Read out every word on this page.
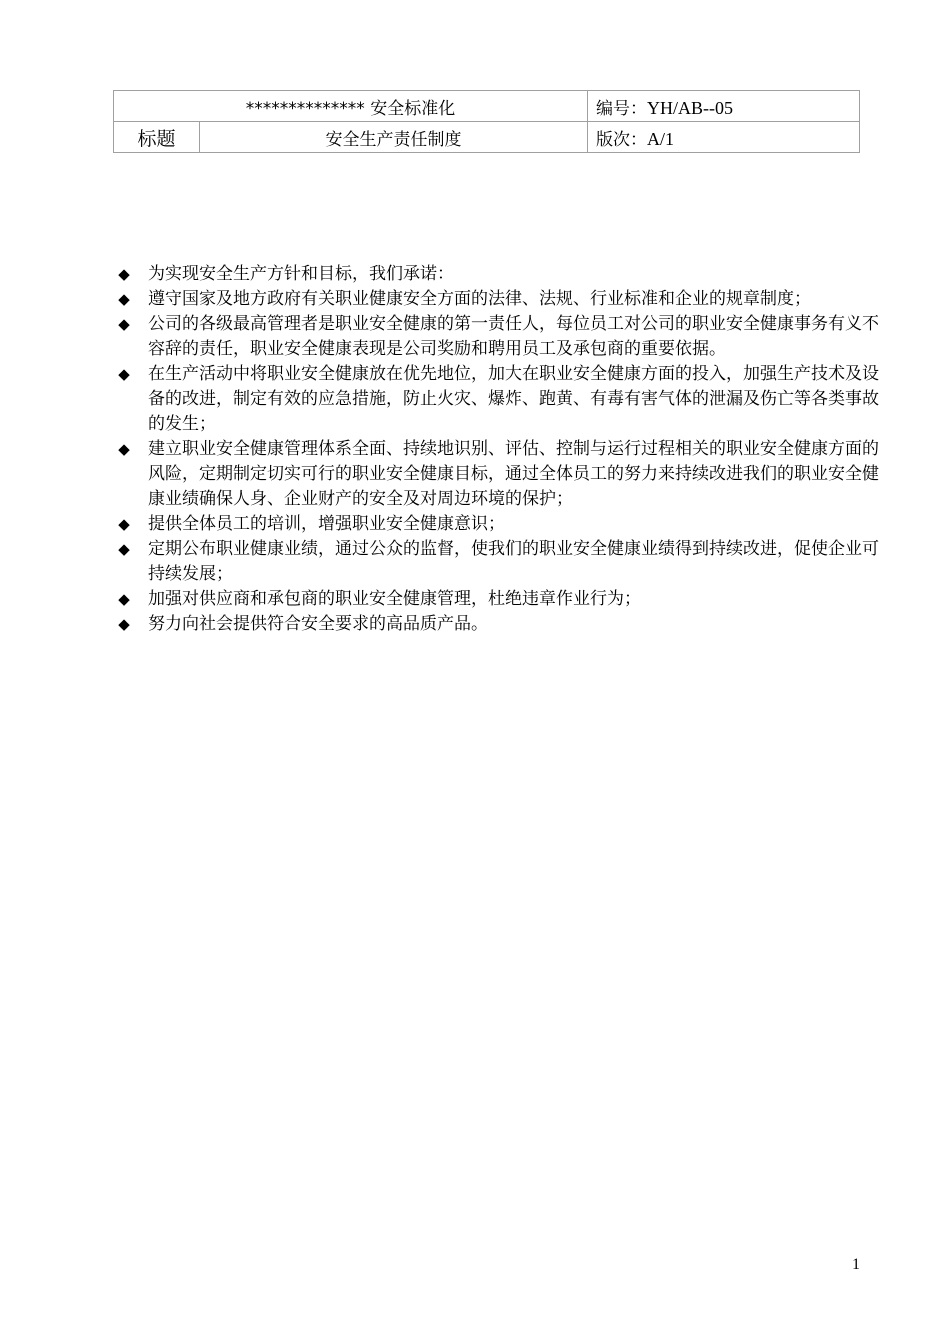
************** 安全标准化		编号：YH/AB--05
标题	安全生产责任制度	版次：A/1
◆ 为实现安全生产方针和目标，我们承诺：
◆ 遵守国家及地方政府有关职业健康安全方面的法律、法规、行业标准和企业的规章制度；
◆ 公司的各级最高管理者是职业安全健康的第一责任人，每位员工对公司的职业安全健康事务有义不容辞的责任，职业安全健康表现是公司奖励和聘用员工及承包商的重要依据。
◆ 在生产活动中将职业安全健康放在优先地位，加大在职业安全健康方面的投入，加强生产技术及设备的改进，制定有效的应急措施，防止火灾、爆炸、跑黄、有毒有害气体的泄漏及伤亡等各类事故的发生；
◆ 建立职业安全健康管理体系全面、持续地识别、评估、控制与运行过程相关的职业安全健康方面的风险，定期制定切实可行的职业安全健康目标，通过全体员工的努力来持续改进我们的职业安全健康业绩确保人身、企业财产的安全及对周边环境的保护；
◆ 提供全体员工的培训，增强职业安全健康意识；
◆ 定期公布职业健康业绩，通过公众的监督，使我们的职业安全健康业绩得到持续改进，促使企业可持续发展；
◆ 加强对供应商和承包商的职业安全健康管理，杜绝违章作业行为；
◆ 努力向社会提供符合安全要求的高品质产品。
1
